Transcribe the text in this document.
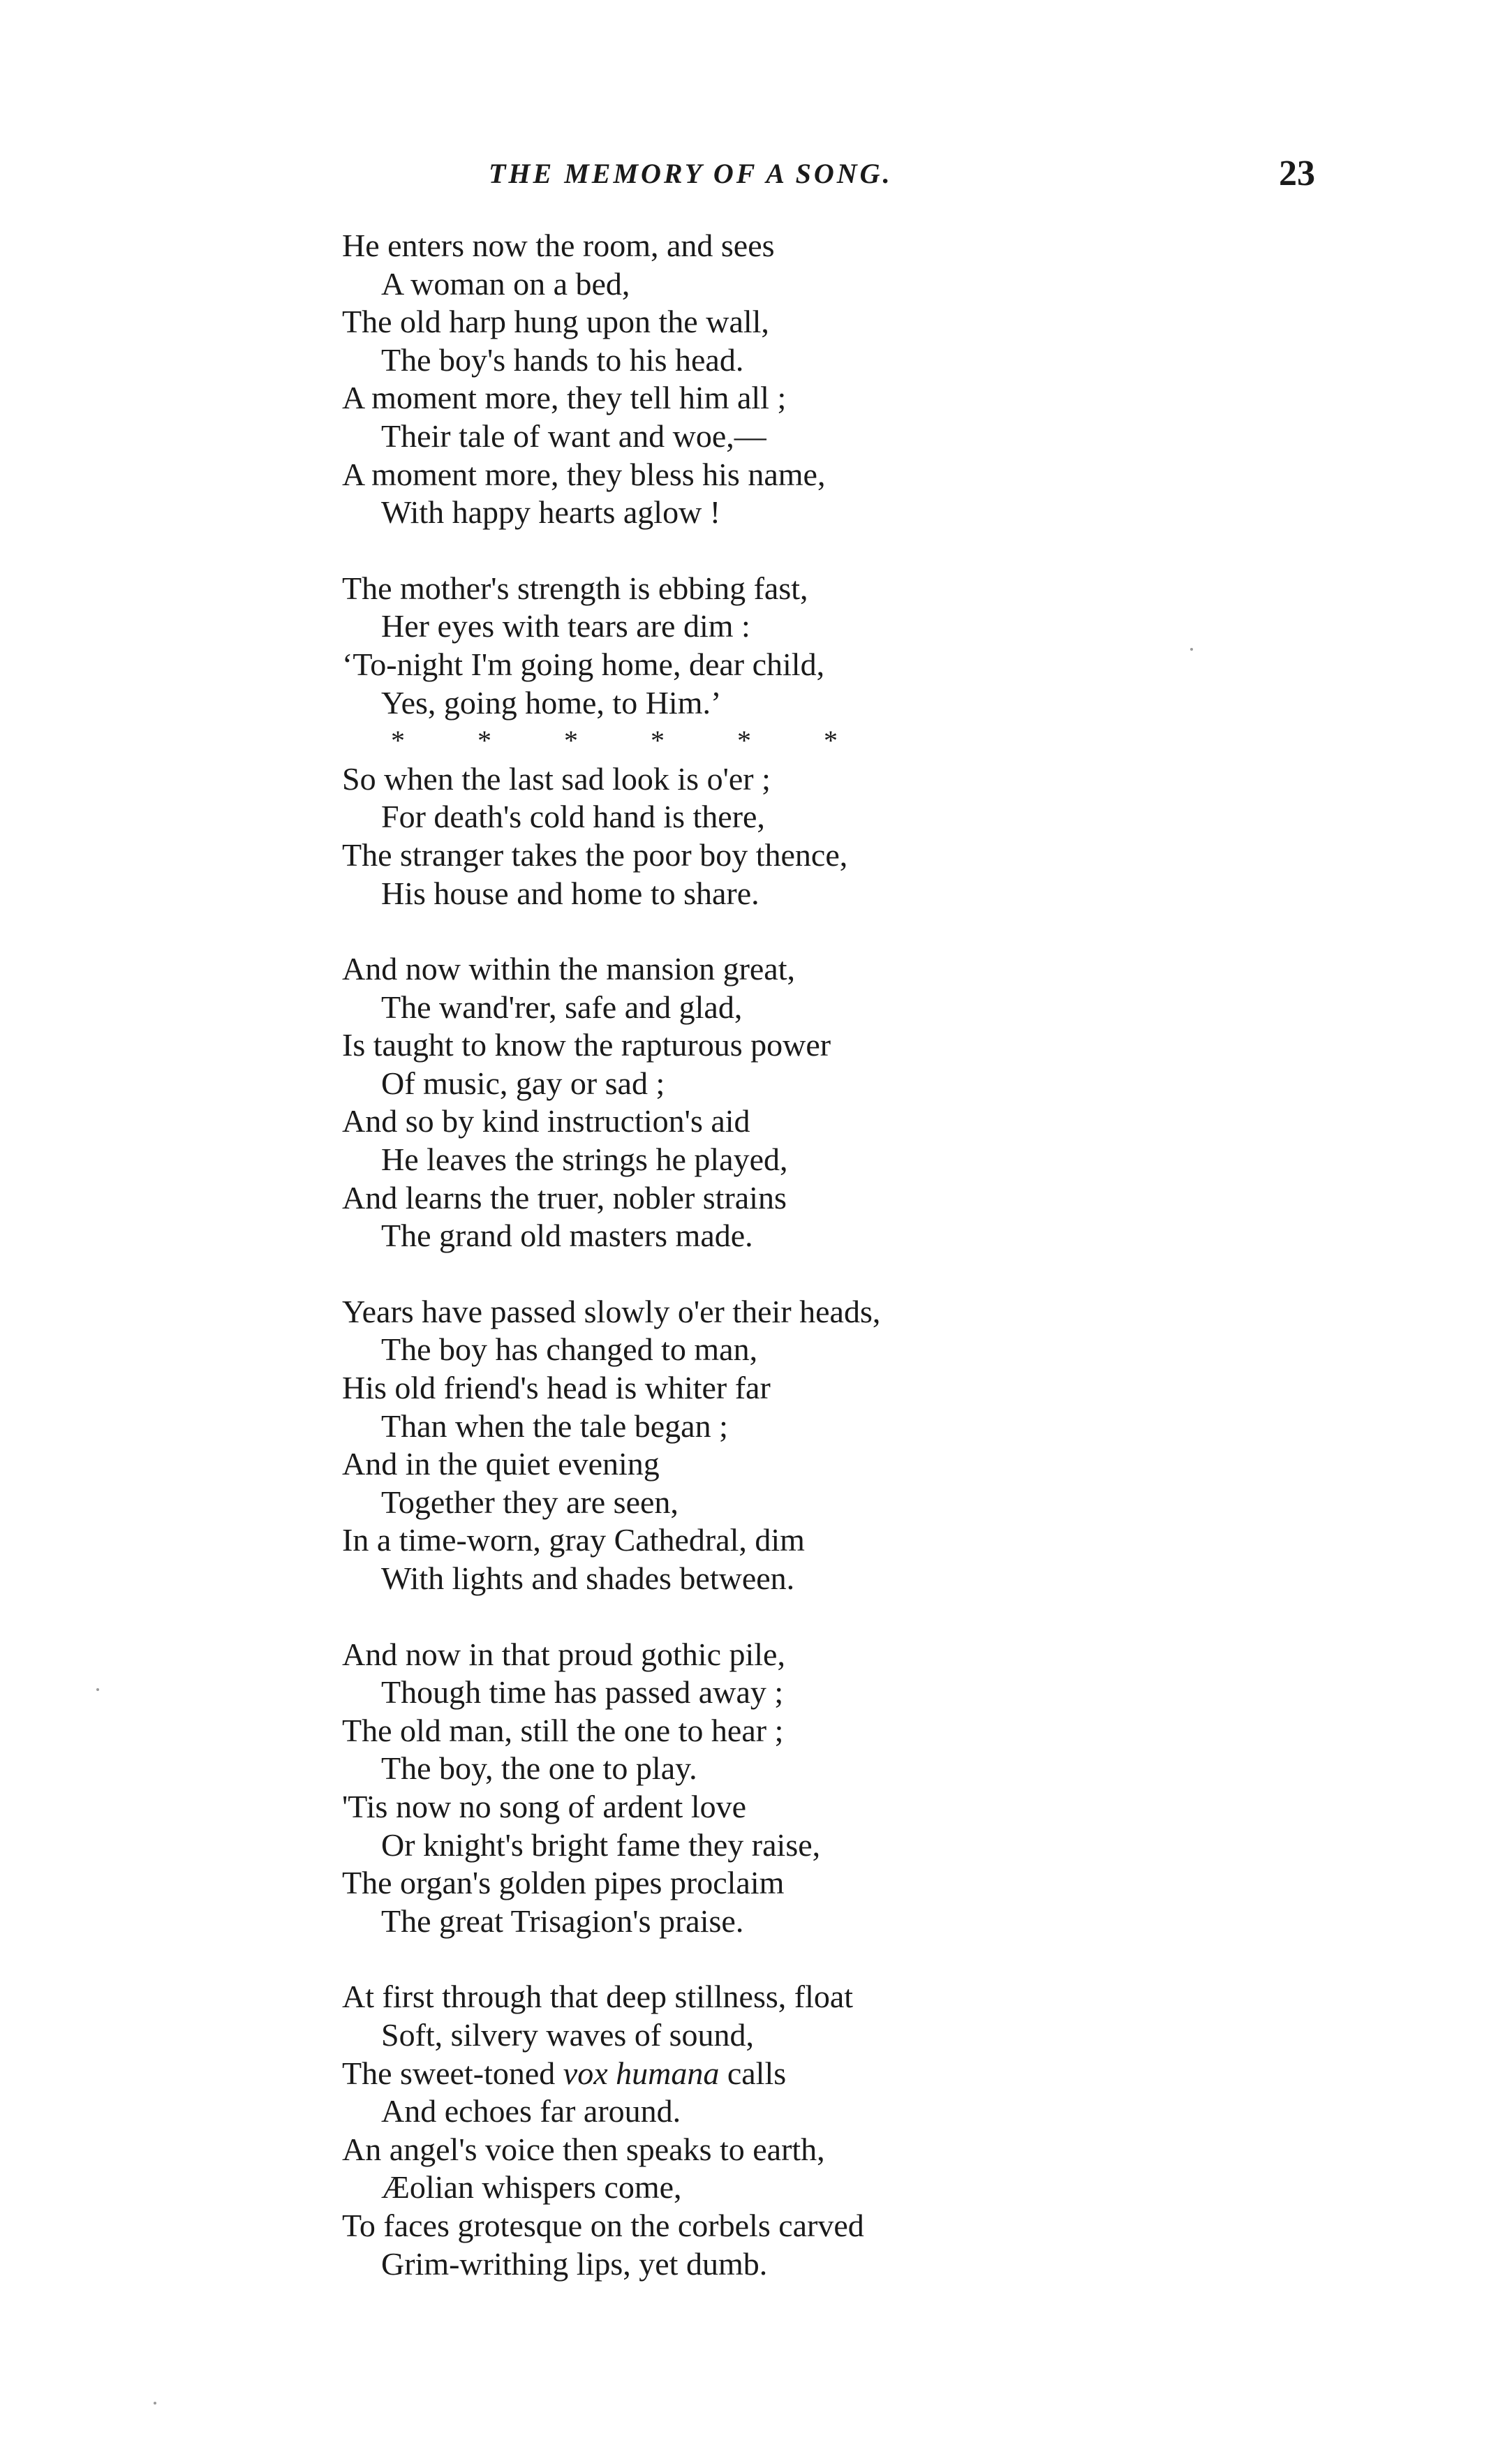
THE MEMORY OF A SONG.	23
He enters now the room, and sees
A woman on a bed,
The old harp hung upon the wall,
The boy's hands to his head.
A moment more, they tell him all ;
Their tale of want and woe,—
A moment more, they bless his name,
With happy hearts aglow !
The mother's strength is ebbing fast,
Her eyes with tears are dim :
‘To-night I'm going home, dear child,
Yes, going home, to Him.’
*	*	*	*	*	*
So when the last sad look is o'er ;
For death's cold hand is there,
The stranger takes the poor boy thence,
His house and home to share.
And now within the mansion great,
The wand'rer, safe and glad,
Is taught to know the rapturous power
Of music, gay or sad ;
And so by kind instruction's aid
He leaves the strings he played,
And learns the truer, nobler strains
The grand old masters made.
Years have passed slowly o'er their heads,
The boy has changed to man,
His old friend's head is whiter far
Than when the tale began ;
And in the quiet evening
Together they are seen,
In a time-worn, gray Cathedral, dim
With lights and shades between.
And now in that proud gothic pile,
Though time has passed away ;
The old man, still the one to hear ;
The boy, the one to play.
'Tis now no song of ardent love
Or knight's bright fame they raise,
The organ's golden pipes proclaim
The great Trisagion's praise.
At first through that deep stillness, float
Soft, silvery waves of sound,
The sweet-toned vox humana calls
And echoes far around.
An angel's voice then speaks to earth,
Æolian whispers come,
To faces grotesque on the corbels carved
Grim-writhing lips, yet dumb.
